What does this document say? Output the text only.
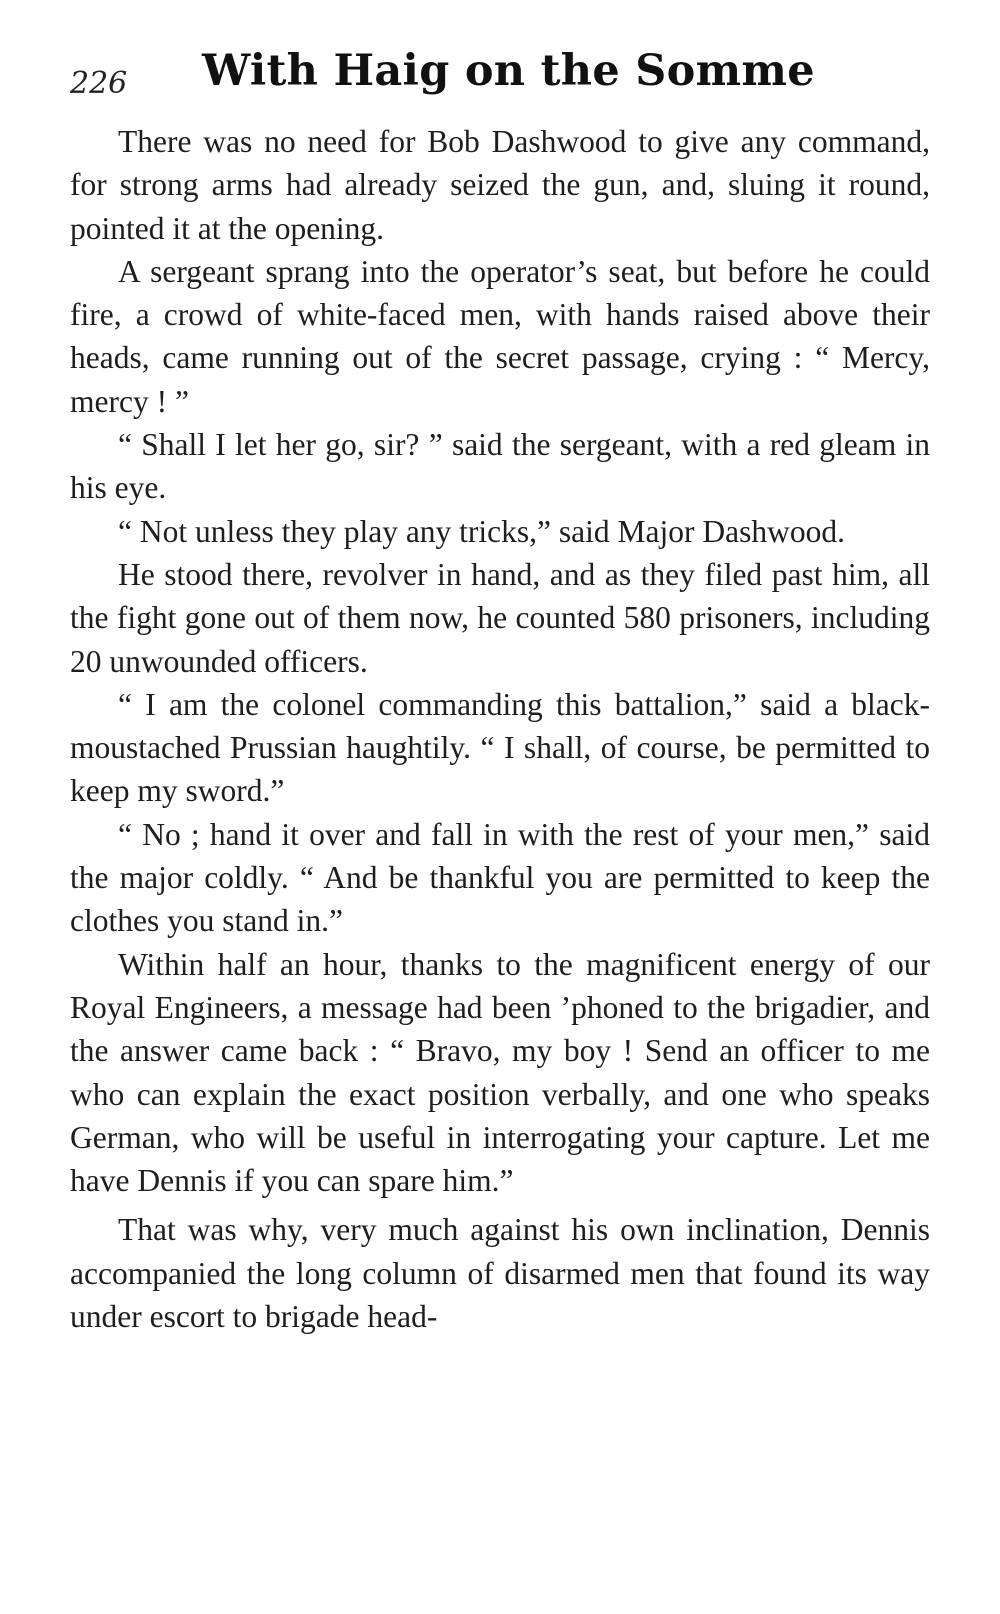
226 With Haig on the Somme

There was no need for Bob Dashwood to give any command, for strong arms had already seized the gun, and, sluing it round, pointed it at the opening.

A sergeant sprang into the operator’s seat, but before he could fire, a crowd of white-faced men, with hands raised above their heads, came running out of the secret passage, crying : “ Mercy, mercy ! ”

“ Shall I let her go, sir? ” said the sergeant, with a red gleam in his eye.

“ Not unless they play any tricks,” said Major Dashwood.

He stood there, revolver in hand, and as they filed past him, all the fight gone out of them now, he counted 580 prisoners, including 20 unwounded officers.

“ I am the colonel commanding this battalion,” said a black-moustached Prussian haughtily. “ I shall, of course, be permitted to keep my sword.”

“ No ; hand it over and fall in with the rest of your men,” said the major coldly. “ And be thankful you are permitted to keep the clothes you stand in.”

Within half an hour, thanks to the magnificent energy of our Royal Engineers, a message had been ’phoned to the brigadier, and the answer came back : “ Bravo, my boy ! Send an officer to me who can explain the exact position verbally, and one who speaks German, who will be useful in interrogating your capture. Let me have Dennis if you can spare him.”

That was why, very much against his own inclination, Dennis accompanied the long column of disarmed men that found its way under escort to brigade head-
